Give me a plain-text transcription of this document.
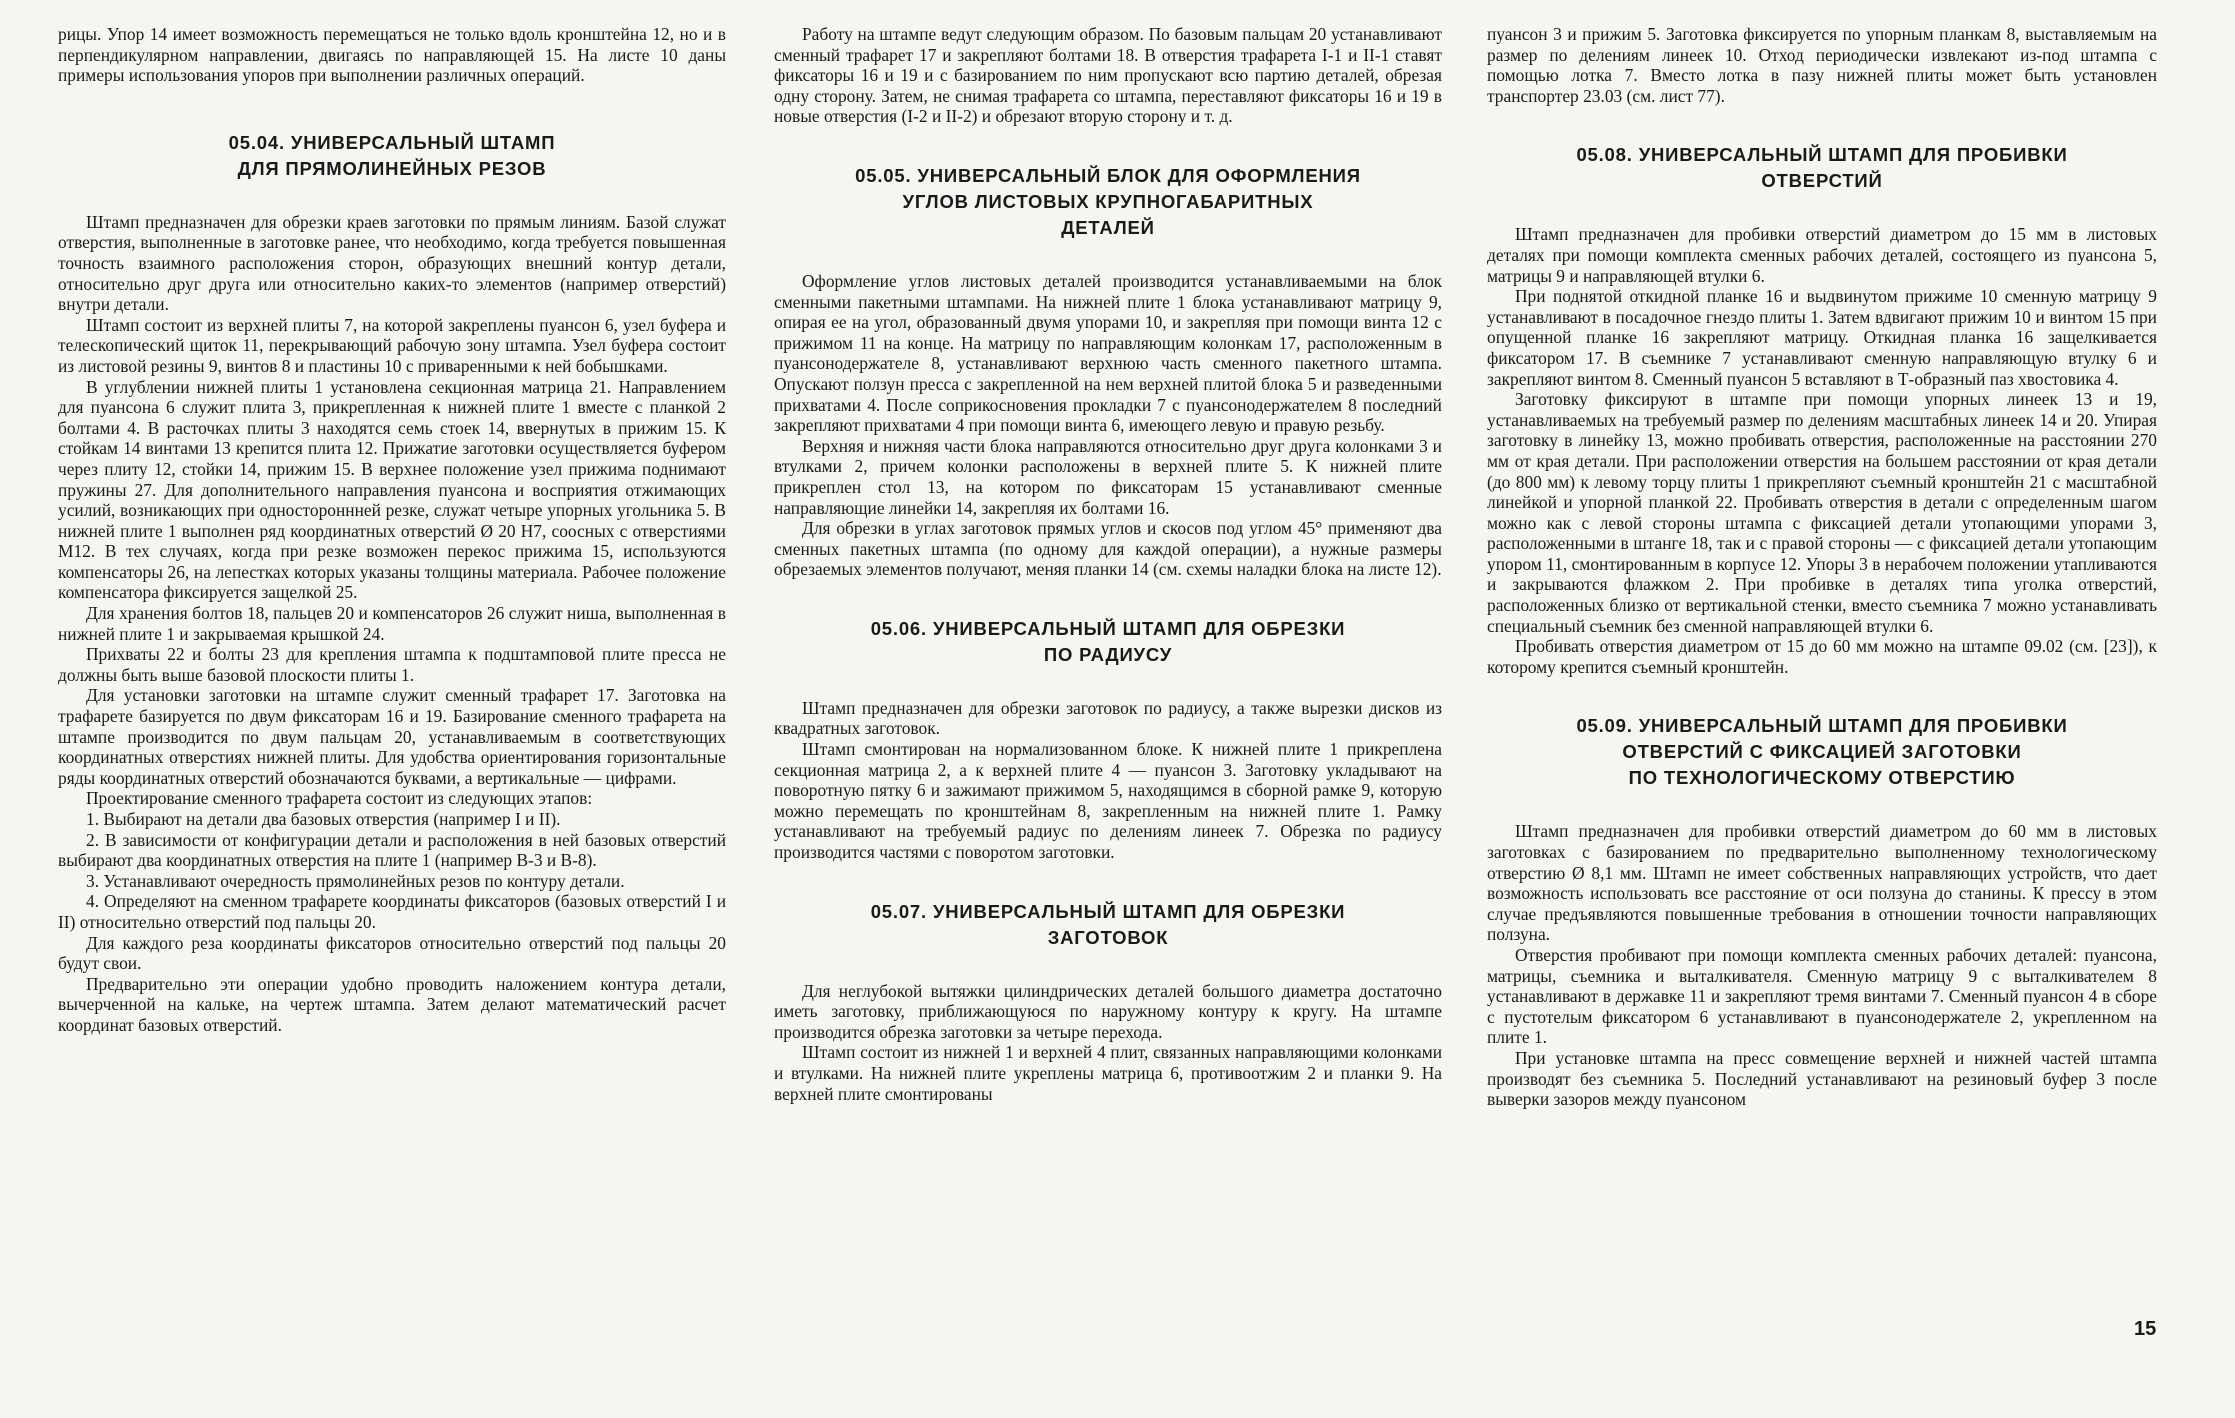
рицы. Упор 14 имеет возможность перемещаться не только вдоль кронштейна 12, но и в перпендикулярном направлении, двигаясь по направляющей 15. На листе 10 даны примеры использования упоров при выполнении различных операций.

05.04. УНИВЕРСАЛЬНЫЙ ШТАМП
ДЛЯ ПРЯМОЛИНЕЙНЫХ РЕЗОВ

Штамп предназначен для обрезки краев заготовки по прямым линиям. Базой служат отверстия, выполненные в заготовке ранее, что необходимо, когда требуется повышенная точность взаимного расположения сторон, образующих внешний контур детали, относительно друг друга или относительно каких-то элементов (например отверстий) внутри детали.

Штамп состоит из верхней плиты 7, на которой закреплены пуансон 6, узел буфера и телескопический щиток 11, перекрывающий рабочую зону штампа. Узел буфера состоит из листовой резины 9, винтов 8 и пластины 10 с приваренными к ней бобышками.

В углублении нижней плиты 1 установлена секционная матрица 21. Направлением для пуансона 6 служит плита 3, прикрепленная к нижней плите 1 вместе с планкой 2 болтами 4. В расточках плиты 3 находятся семь стоек 14, ввернутых в прижим 15. К стойкам 14 винтами 13 крепится плита 12. Прижатие заготовки осуществляется буфером через плиту 12, стойки 14, прижим 15. В верхнее положение узел прижима поднимают пружины 27. Для дополнительного направления пуансона и восприятия отжимающих усилий, возникающих при одностороннней резке, служат четыре упорных угольника 5. В нижней плите 1 выполнен ряд координатных отверстий Ø 20 Н7, соосных с отверстиями М12. В тех случаях, когда при резке возможен перекос прижима 15, используются компенсаторы 26, на лепестках которых указаны толщины материала. Рабочее положение компенсатора фиксируется защелкой 25.

Для хранения болтов 18, пальцев 20 и компенсаторов 26 служит ниша, выполненная в нижней плите 1 и закрываемая крышкой 24.

Прихваты 22 и болты 23 для крепления штампа к подштамповой плите пресса не должны быть выше базовой плоскости плиты 1.

Для установки заготовки на штампе служит сменный трафарет 17. Заготовка на трафарете базируется по двум фиксаторам 16 и 19. Базирование сменного трафарета на штампе производится по двум пальцам 20, устанавливаемым в соответствующих координатных отверстиях нижней плиты. Для удобства ориентирования горизонтальные ряды координатных отверстий обозначаются буквами, а вертикальные — цифрами.

Проектирование сменного трафарета состоит из следующих этапов:

1. Выбирают на детали два базовых отверстия (например I и II).

2. В зависимости от конфигурации детали и расположения в ней базовых отверстий выбирают два координатных отверстия на плите 1 (например В-3 и В-8).

3. Устанавливают очередность прямолинейных резов по контуру детали.

4. Определяют на сменном трафарете координаты фиксаторов (базовых отверстий I и II) относительно отверстий под пальцы 20.

Для каждого реза координаты фиксаторов относительно отверстий под пальцы 20 будут свои.

Предварительно эти операции удобно проводить наложением контура детали, вычерченной на кальке, на чертеж штампа. Затем делают математический расчет координат базовых отверстий.

Работу на штампе ведут следующим образом. По базовым пальцам 20 устанавливают сменный трафарет 17 и закрепляют болтами 18. В отверстия трафарета I-1 и II-1 ставят фиксаторы 16 и 19 и с базированием по ним пропускают всю партию деталей, обрезая одну сторону. Затем, не снимая трафарета со штампа, переставляют фиксаторы 16 и 19 в новые отверстия (I-2 и II-2) и обрезают вторую сторону и т. д.

05.05. УНИВЕРСАЛЬНЫЙ БЛОК ДЛЯ ОФОРМЛЕНИЯ
УГЛОВ ЛИСТОВЫХ КРУПНОГАБАРИТНЫХ
ДЕТАЛЕЙ

Оформление углов листовых деталей производится устанавливаемыми на блок сменными пакетными штампами. На нижней плите 1 блока устанавливают матрицу 9, опирая ее на угол, образованный двумя упорами 10, и закрепляя при помощи винта 12 с прижимом 11 на конце. На матрицу по направляющим колонкам 17, расположенным в пуансонодержателе 8, устанавливают верхнюю часть сменного пакетного штампа. Опускают ползун пресса с закрепленной на нем верхней плитой блока 5 и разведенными прихватами 4. После соприкосновения прокладки 7 с пуансонодержателем 8 последний закрепляют прихватами 4 при помощи винта 6, имеющего левую и правую резьбу.

Верхняя и нижняя части блока направляются относительно друг друга колонками 3 и втулками 2, причем колонки расположены в верхней плите 5. К нижней плите прикреплен стол 13, на котором по фиксаторам 15 устанавливают сменные направляющие линейки 14, закрепляя их болтами 16.

Для обрезки в углах заготовок прямых углов и скосов под углом 45° применяют два сменных пакетных штампа (по одному для каждой операции), а нужные размеры обрезаемых элементов получают, меняя планки 14 (см. схемы наладки блока на листе 12).

05.06. УНИВЕРСАЛЬНЫЙ ШТАМП ДЛЯ ОБРЕЗКИ
ПО РАДИУСУ

Штамп предназначен для обрезки заготовок по радиусу, а также вырезки дисков из квадратных заготовок.

Штамп смонтирован на нормализованном блоке. К нижней плите 1 прикреплена секционная матрица 2, а к верхней плите 4 — пуансон 3. Заготовку укладывают на поворотную пятку 6 и зажимают прижимом 5, находящимся в сборной рамке 9, которую можно перемещать по кронштейнам 8, закрепленным на нижней плите 1. Рамку устанавливают на требуемый радиус по делениям линеек 7. Обрезка по радиусу производится частями с поворотом заготовки.

05.07. УНИВЕРСАЛЬНЫЙ ШТАМП ДЛЯ ОБРЕЗКИ
ЗАГОТОВОК

Для неглубокой вытяжки цилиндрических деталей большого диаметра достаточно иметь заготовку, приближающуюся по наружному контуру к кругу. На штампе производится обрезка заготовки за четыре перехода.

Штамп состоит из нижней 1 и верхней 4 плит, связанных направляющими колонками и втулками. На нижней плите укреплены матрица 6, противоотжим 2 и планки 9. На верхней плите смонтированы

пуансон 3 и прижим 5. Заготовка фиксируется по упорным планкам 8, выставляемым на размер по делениям линеек 10. Отход периодически извлекают из-под штампа с помощью лотка 7. Вместо лотка в пазу нижней плиты может быть установлен транспортер 23.03 (см. лист 77).

05.08. УНИВЕРСАЛЬНЫЙ ШТАМП ДЛЯ ПРОБИВКИ
ОТВЕРСТИЙ

Штамп предназначен для пробивки отверстий диаметром до 15 мм в листовых деталях при помощи комплекта сменных рабочих деталей, состоящего из пуансона 5, матрицы 9 и направляющей втулки 6.

При поднятой откидной планке 16 и выдвинутом прижиме 10 сменную матрицу 9 устанавливают в посадочное гнездо плиты 1. Затем вдвигают прижим 10 и винтом 15 при опущенной планке 16 закрепляют матрицу. Откидная планка 16 защелкивается фиксатором 17. В съемнике 7 устанавливают сменную направляющую втулку 6 и закрепляют винтом 8. Сменный пуансон 5 вставляют в Т-образный паз хвостовика 4.

Заготовку фиксируют в штампе при помощи упорных линеек 13 и 19, устанавливаемых на требуемый размер по делениям масштабных линеек 14 и 20. Упирая заготовку в линейку 13, можно пробивать отверстия, расположенные на расстоянии 270 мм от края детали. При расположении отверстия на большем расстоянии от края детали (до 800 мм) к левому торцу плиты 1 прикрепляют съемный кронштейн 21 с масштабной линейкой и упорной планкой 22. Пробивать отверстия в детали с определенным шагом можно как с левой стороны штампа с фиксацией детали утопающими упорами 3, расположенными в штанге 18, так и с правой стороны — с фиксацией детали утопающим упором 11, смонтированным в корпусе 12. Упоры 3 в нерабочем положении утапливаются и закрываются флажком 2. При пробивке в деталях типа уголка отверстий, расположенных близко от вертикальной стенки, вместо съемника 7 можно устанавливать специальный съемник без сменной направляющей втулки 6.

Пробивать отверстия диаметром от 15 до 60 мм можно на штампе 09.02 (см. [23]), к которому крепится съемный кронштейн.

05.09. УНИВЕРСАЛЬНЫЙ ШТАМП ДЛЯ ПРОБИВКИ
ОТВЕРСТИЙ С ФИКСАЦИЕЙ ЗАГОТОВКИ
ПО ТЕХНОЛОГИЧЕСКОМУ ОТВЕРСТИЮ

Штамп предназначен для пробивки отверстий диаметром до 60 мм в листовых заготовках с базированием по предварительно выполненному технологическому отверстию Ø 8,1 мм. Штамп не имеет собственных направляющих устройств, что дает возможность использовать все расстояние от оси ползуна до станины. К прессу в этом случае предъявляются повышенные требования в отношении точности направляющих ползуна.

Отверстия пробивают при помощи комплекта сменных рабочих деталей: пуансона, матрицы, съемника и выталкивателя. Сменную матрицу 9 с выталкивателем 8 устанавливают в державке 11 и закрепляют тремя винтами 7. Сменный пуансон 4 в сборе с пустотелым фиксатором 6 устанавливают в пуансонодержателе 2, укрепленном на плите 1.

При установке штампа на пресс совмещение верхней и нижней частей штампа производят без съемника 5. Последний устанавливают на резиновый буфер 3 после выверки зазоров между пуансоном

15
